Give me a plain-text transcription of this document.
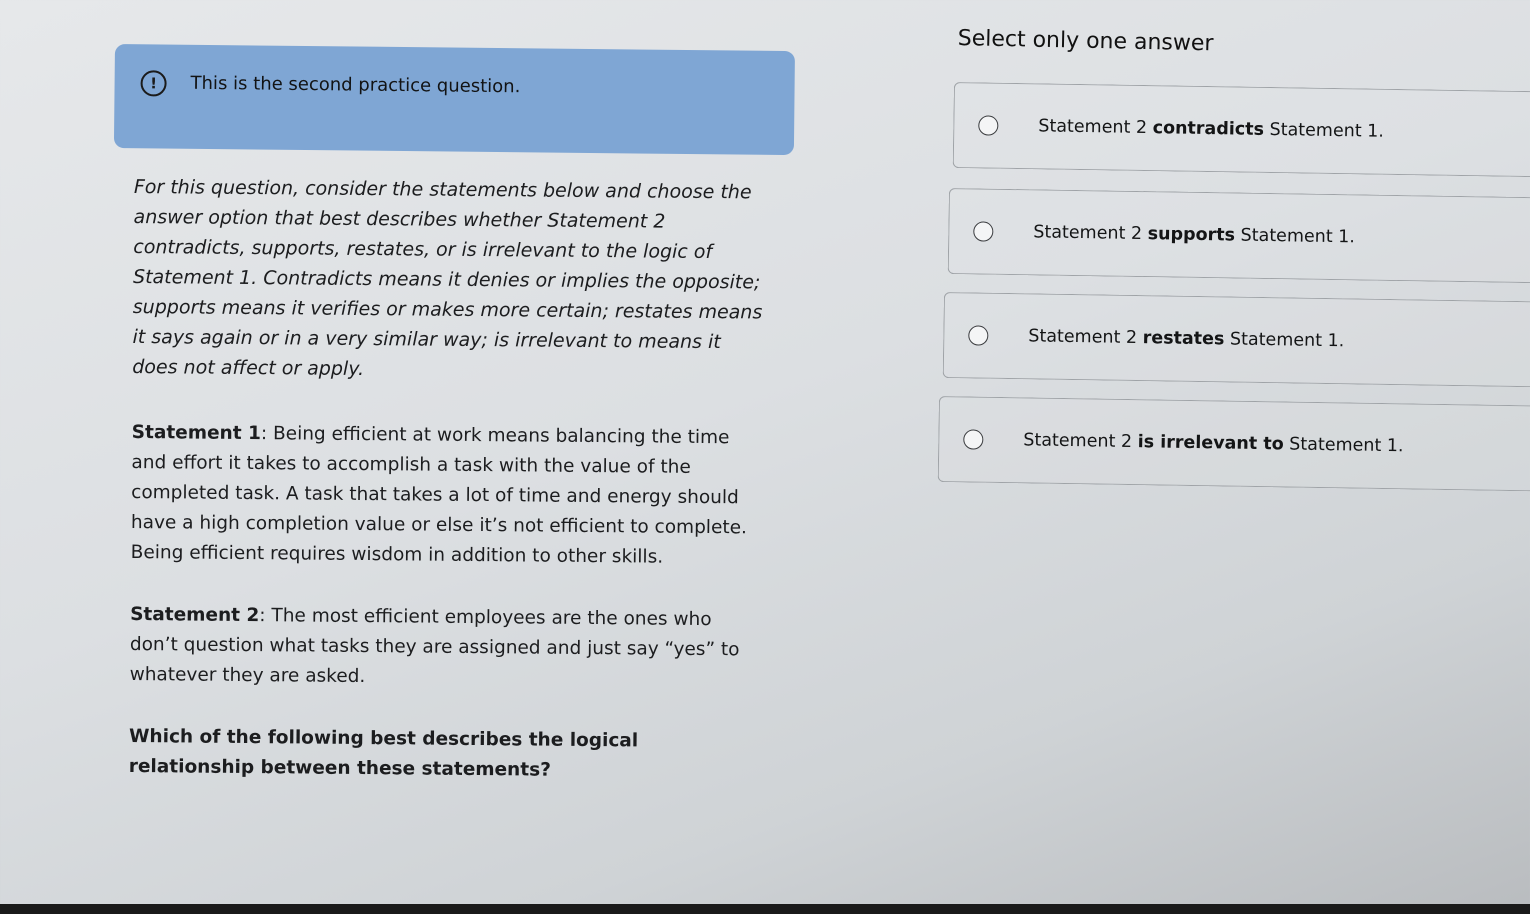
!	This is the second practice question.

For this question, consider the statements below and choose the answer option that best describes whether Statement 2 contradicts, supports, restates, or is irrelevant to the logic of Statement 1. Contradicts means it denies or implies the opposite; supports means it verifies or makes more certain; restates means it says again or in a very similar way; is irrelevant to means it does not affect or apply.

Statement 1: Being efficient at work means balancing the time and effort it takes to accomplish a task with the value of the completed task. A task that takes a lot of time and energy should have a high completion value or else it’s not efficient to complete. Being efficient requires wisdom in addition to other skills.

Statement 2: The most efficient employees are the ones who don’t question what tasks they are assigned and just say “yes” to whatever they are asked.

Which of the following best describes the logical relationship between these statements?

Select only one answer
Statement 2 contradicts Statement 1.
Statement 2 supports Statement 1.
Statement 2 restates Statement 1.
Statement 2 is irrelevant to Statement 1.
